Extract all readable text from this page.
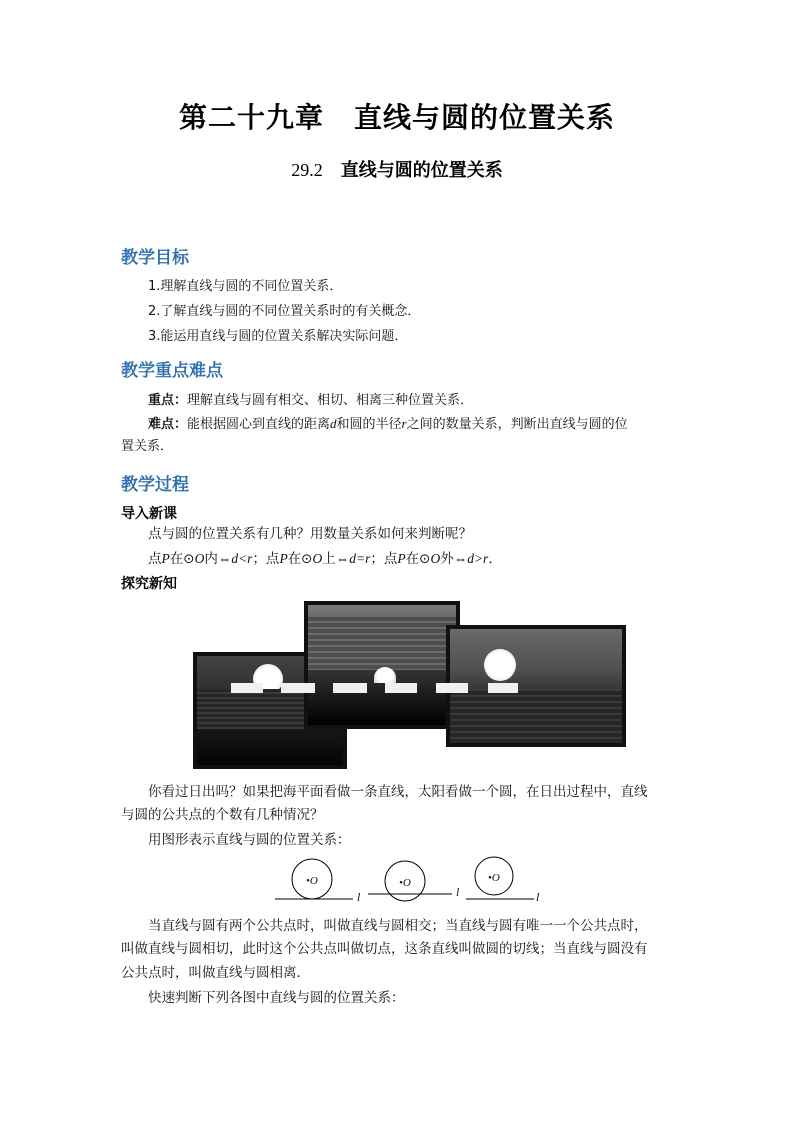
第二十九章 直线与圆的位置关系
29.2 直线与圆的位置关系
教学目标
1.理解直线与圆的不同位置关系．
2.了解直线与圆的不同位置关系时的有关概念．
3.能运用直线与圆的位置关系解决实际问题．
教学重点难点
重点：理解直线与圆有相交、相切、相离三种位置关系．
难点：能根据圆心到直线的距离d和圆的半径r之间的数量关系，判断出直线与圆的位
置关系．
教学过程
导入新课
点与圆的位置关系有几种？用数量关系如何来判断呢？
点P在⊙O内⇔d<r；点P在⊙O上⇔d=r；点P在⊙O外⇔d>r．
探究新知
你看过日出吗？如果把海平面看做一条直线，太阳看做一个圆，在日出过程中，直线
与圆的公共点的个数有几种情况？
用图形表示直线与圆的位置关系：
•O
l
•O
l
•O
l
当直线与圆有两个公共点时，叫做直线与圆相交；当直线与圆有唯一一个公共点时，
叫做直线与圆相切，此时这个公共点叫做切点，这条直线叫做圆的切线；当直线与圆没有
公共点时，叫做直线与圆相离．
快速判断下列各图中直线与圆的位置关系：
